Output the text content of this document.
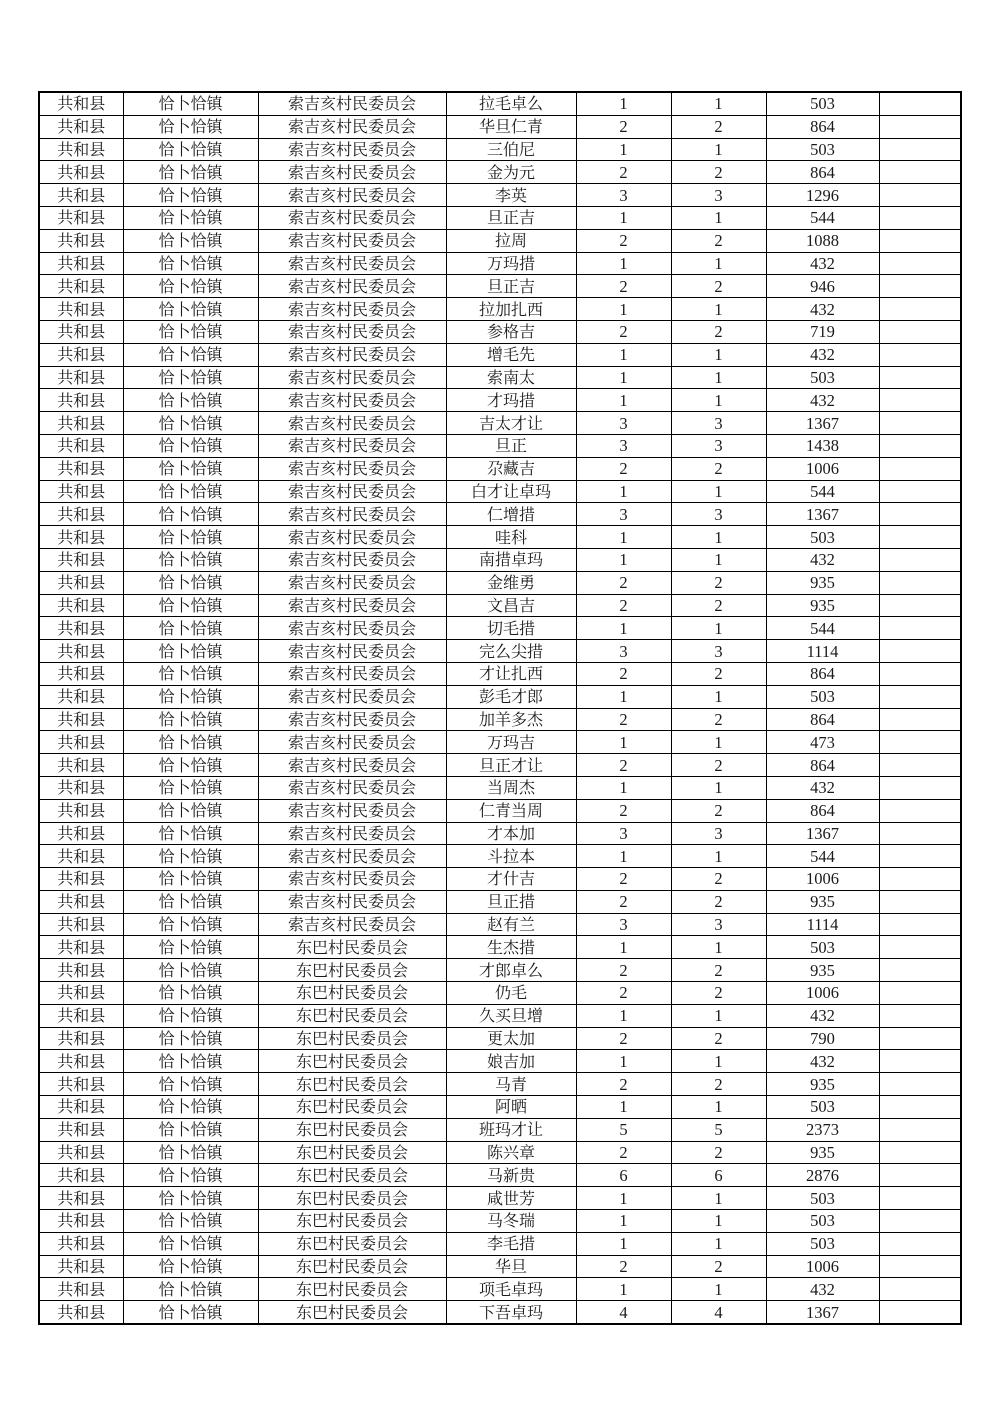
共和县	恰卜恰镇	索吉亥村民委员会	拉毛卓么	1	1	503	
共和县	恰卜恰镇	索吉亥村民委员会	华旦仁青	2	2	864	
共和县	恰卜恰镇	索吉亥村民委员会	三伯尼	1	1	503	
共和县	恰卜恰镇	索吉亥村民委员会	金为元	2	2	864	
共和县	恰卜恰镇	索吉亥村民委员会	李英	3	3	1296	
共和县	恰卜恰镇	索吉亥村民委员会	旦正吉	1	1	544	
共和县	恰卜恰镇	索吉亥村民委员会	拉周	2	2	1088	
共和县	恰卜恰镇	索吉亥村民委员会	万玛措	1	1	432	
共和县	恰卜恰镇	索吉亥村民委员会	旦正吉	2	2	946	
共和县	恰卜恰镇	索吉亥村民委员会	拉加扎西	1	1	432	
共和县	恰卜恰镇	索吉亥村民委员会	参格吉	2	2	719	
共和县	恰卜恰镇	索吉亥村民委员会	增毛先	1	1	432	
共和县	恰卜恰镇	索吉亥村民委员会	索南太	1	1	503	
共和县	恰卜恰镇	索吉亥村民委员会	才玛措	1	1	432	
共和县	恰卜恰镇	索吉亥村民委员会	吉太才让	3	3	1367	
共和县	恰卜恰镇	索吉亥村民委员会	旦正	3	3	1438	
共和县	恰卜恰镇	索吉亥村民委员会	尕藏吉	2	2	1006	
共和县	恰卜恰镇	索吉亥村民委员会	白才让卓玛	1	1	544	
共和县	恰卜恰镇	索吉亥村民委员会	仁增措	3	3	1367	
共和县	恰卜恰镇	索吉亥村民委员会	哇科	1	1	503	
共和县	恰卜恰镇	索吉亥村民委员会	南措卓玛	1	1	432	
共和县	恰卜恰镇	索吉亥村民委员会	金维勇	2	2	935	
共和县	恰卜恰镇	索吉亥村民委员会	文昌吉	2	2	935	
共和县	恰卜恰镇	索吉亥村民委员会	切毛措	1	1	544	
共和县	恰卜恰镇	索吉亥村民委员会	完么尖措	3	3	1114	
共和县	恰卜恰镇	索吉亥村民委员会	才让扎西	2	2	864	
共和县	恰卜恰镇	索吉亥村民委员会	彭毛才郎	1	1	503	
共和县	恰卜恰镇	索吉亥村民委员会	加羊多杰	2	2	864	
共和县	恰卜恰镇	索吉亥村民委员会	万玛吉	1	1	473	
共和县	恰卜恰镇	索吉亥村民委员会	旦正才让	2	2	864	
共和县	恰卜恰镇	索吉亥村民委员会	当周杰	1	1	432	
共和县	恰卜恰镇	索吉亥村民委员会	仁青当周	2	2	864	
共和县	恰卜恰镇	索吉亥村民委员会	才本加	3	3	1367	
共和县	恰卜恰镇	索吉亥村民委员会	斗拉本	1	1	544	
共和县	恰卜恰镇	索吉亥村民委员会	才什吉	2	2	1006	
共和县	恰卜恰镇	索吉亥村民委员会	旦正措	2	2	935	
共和县	恰卜恰镇	索吉亥村民委员会	赵有兰	3	3	1114	
共和县	恰卜恰镇	东巴村民委员会	生杰措	1	1	503	
共和县	恰卜恰镇	东巴村民委员会	才郎卓么	2	2	935	
共和县	恰卜恰镇	东巴村民委员会	仍毛	2	2	1006	
共和县	恰卜恰镇	东巴村民委员会	久买旦增	1	1	432	
共和县	恰卜恰镇	东巴村民委员会	更太加	2	2	790	
共和县	恰卜恰镇	东巴村民委员会	娘吉加	1	1	432	
共和县	恰卜恰镇	东巴村民委员会	马青	2	2	935	
共和县	恰卜恰镇	东巴村民委员会	阿晒	1	1	503	
共和县	恰卜恰镇	东巴村民委员会	班玛才让	5	5	2373	
共和县	恰卜恰镇	东巴村民委员会	陈兴章	2	2	935	
共和县	恰卜恰镇	东巴村民委员会	马新贵	6	6	2876	
共和县	恰卜恰镇	东巴村民委员会	咸世芳	1	1	503	
共和县	恰卜恰镇	东巴村民委员会	马冬瑞	1	1	503	
共和县	恰卜恰镇	东巴村民委员会	李毛措	1	1	503	
共和县	恰卜恰镇	东巴村民委员会	华旦	2	2	1006	
共和县	恰卜恰镇	东巴村民委员会	项毛卓玛	1	1	432	
共和县	恰卜恰镇	东巴村民委员会	下吾卓玛	4	4	1367	
